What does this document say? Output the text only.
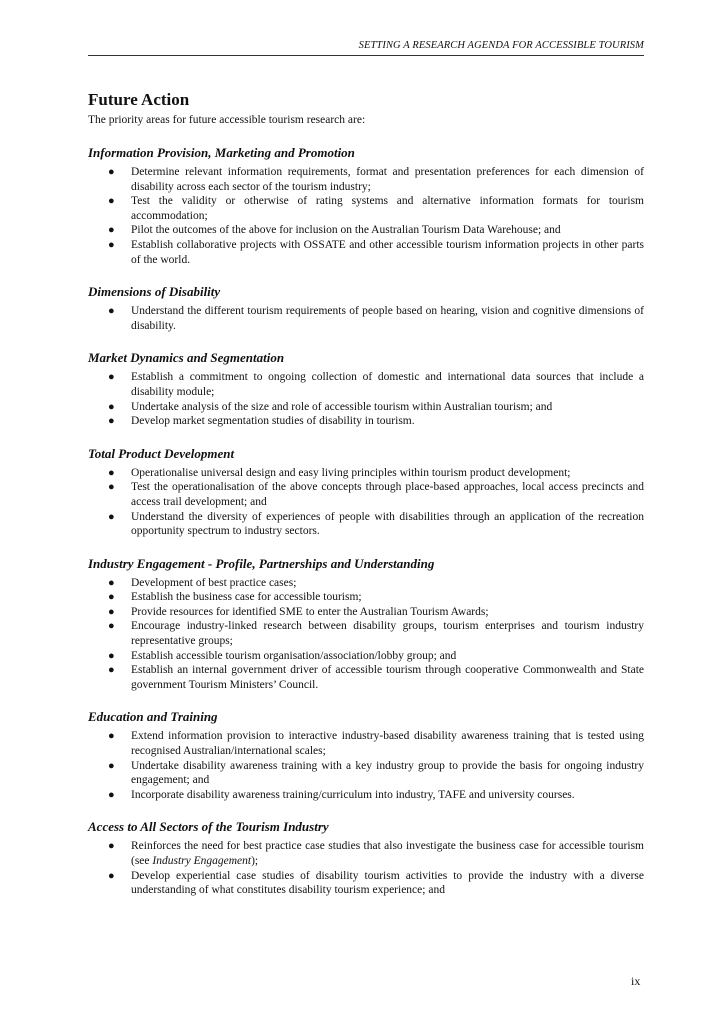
SETTING A RESEARCH AGENDA FOR ACCESSIBLE TOURISM
Future Action

The priority areas for future accessible tourism research are:

Information Provision, Marketing and Promotion
● Determine relevant information requirements, format and presentation preferences for each dimension of disability across each sector of the tourism industry;
● Test the validity or otherwise of rating systems and alternative information formats for tourism accommodation;
● Pilot the outcomes of the above for inclusion on the Australian Tourism Data Warehouse; and
● Establish collaborative projects with OSSATE and other accessible tourism information projects in other parts of the world.
Dimensions of Disability
● Understand the different tourism requirements of people based on hearing, vision and cognitive dimensions of disability.
Market Dynamics and Segmentation
● Establish a commitment to ongoing collection of domestic and international data sources that include a disability module;
● Undertake analysis of the size and role of accessible tourism within Australian tourism; and
● Develop market segmentation studies of disability in tourism.
Total Product Development
● Operationalise universal design and easy living principles within tourism product development;
● Test the operationalisation of the above concepts through place-based approaches, local access precincts and access trail development; and
● Understand the diversity of experiences of people with disabilities through an application of the recreation opportunity spectrum to industry sectors.
Industry Engagement - Profile, Partnerships and Understanding
● Development of best practice cases;
● Establish the business case for accessible tourism;
● Provide resources for identified SME to enter the Australian Tourism Awards;
● Encourage industry-linked research between disability groups, tourism enterprises and tourism industry representative groups;
● Establish accessible tourism organisation/association/lobby group; and
● Establish an internal government driver of accessible tourism through cooperative Commonwealth and State government Tourism Ministers’ Council.
Education and Training
● Extend information provision to interactive industry-based disability awareness training that is tested using recognised Australian/international scales;
● Undertake disability awareness training with a key industry group to provide the basis for ongoing industry engagement; and
● Incorporate disability awareness training/curriculum into industry, TAFE and university courses.
Access to All Sectors of the Tourism Industry
● Reinforces the need for best practice case studies that also investigate the business case for accessible tourism (see Industry Engagement);
● Develop experiential case studies of disability tourism activities to provide the industry with a diverse understanding of what constitutes disability tourism experience; and
ix
